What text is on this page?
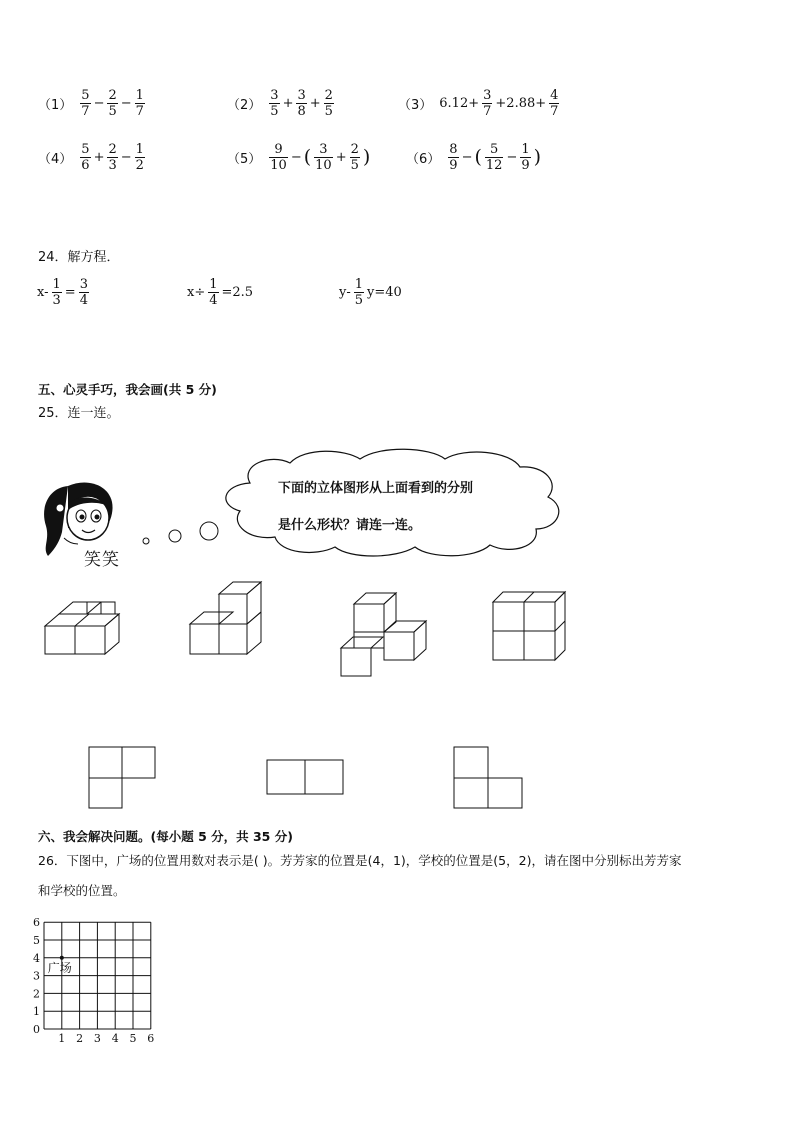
$(1) \frac{5}{7} - \frac{2}{5} - \frac{1}{7}$	$(2) \frac{3}{5} + \frac{3}{8} + \frac{2}{5}$	（3） $6.12+ \frac{3}{7} +2.88+ \frac{4}{7}$
$(4) \frac{5}{6} + \frac{2}{3} - \frac{1}{2}$	$(5) \frac{9}{10}$ − ( $\frac{3}{10} + \frac{2}{5}$ )	$(6) \frac{8}{9}$ − ( $\frac{5}{12} - \frac{1}{9}$ )
24．解方程．
$x- \frac{1}{3} = \frac{3}{4}$	$x\div \frac{1}{4} =2.5$	$y- \frac{1}{5} y=40$
五、心灵手巧，我会画(共 5 分)
25．连一连。
笑笑
下面的立体图形从上面看到的分别
是什么形状？请连一连。
六、我会解决问题。(每小题 5 分，共 35 分)
26．下图中，广场的位置用数对表示是( )。芳芳家的位置是(4，1)，学校的位置是(5，2)，请在图中分别标出芳芳家
和学校的位置。
1 2 3 4 5 6
0
1
2
3
4
5
6
广场
